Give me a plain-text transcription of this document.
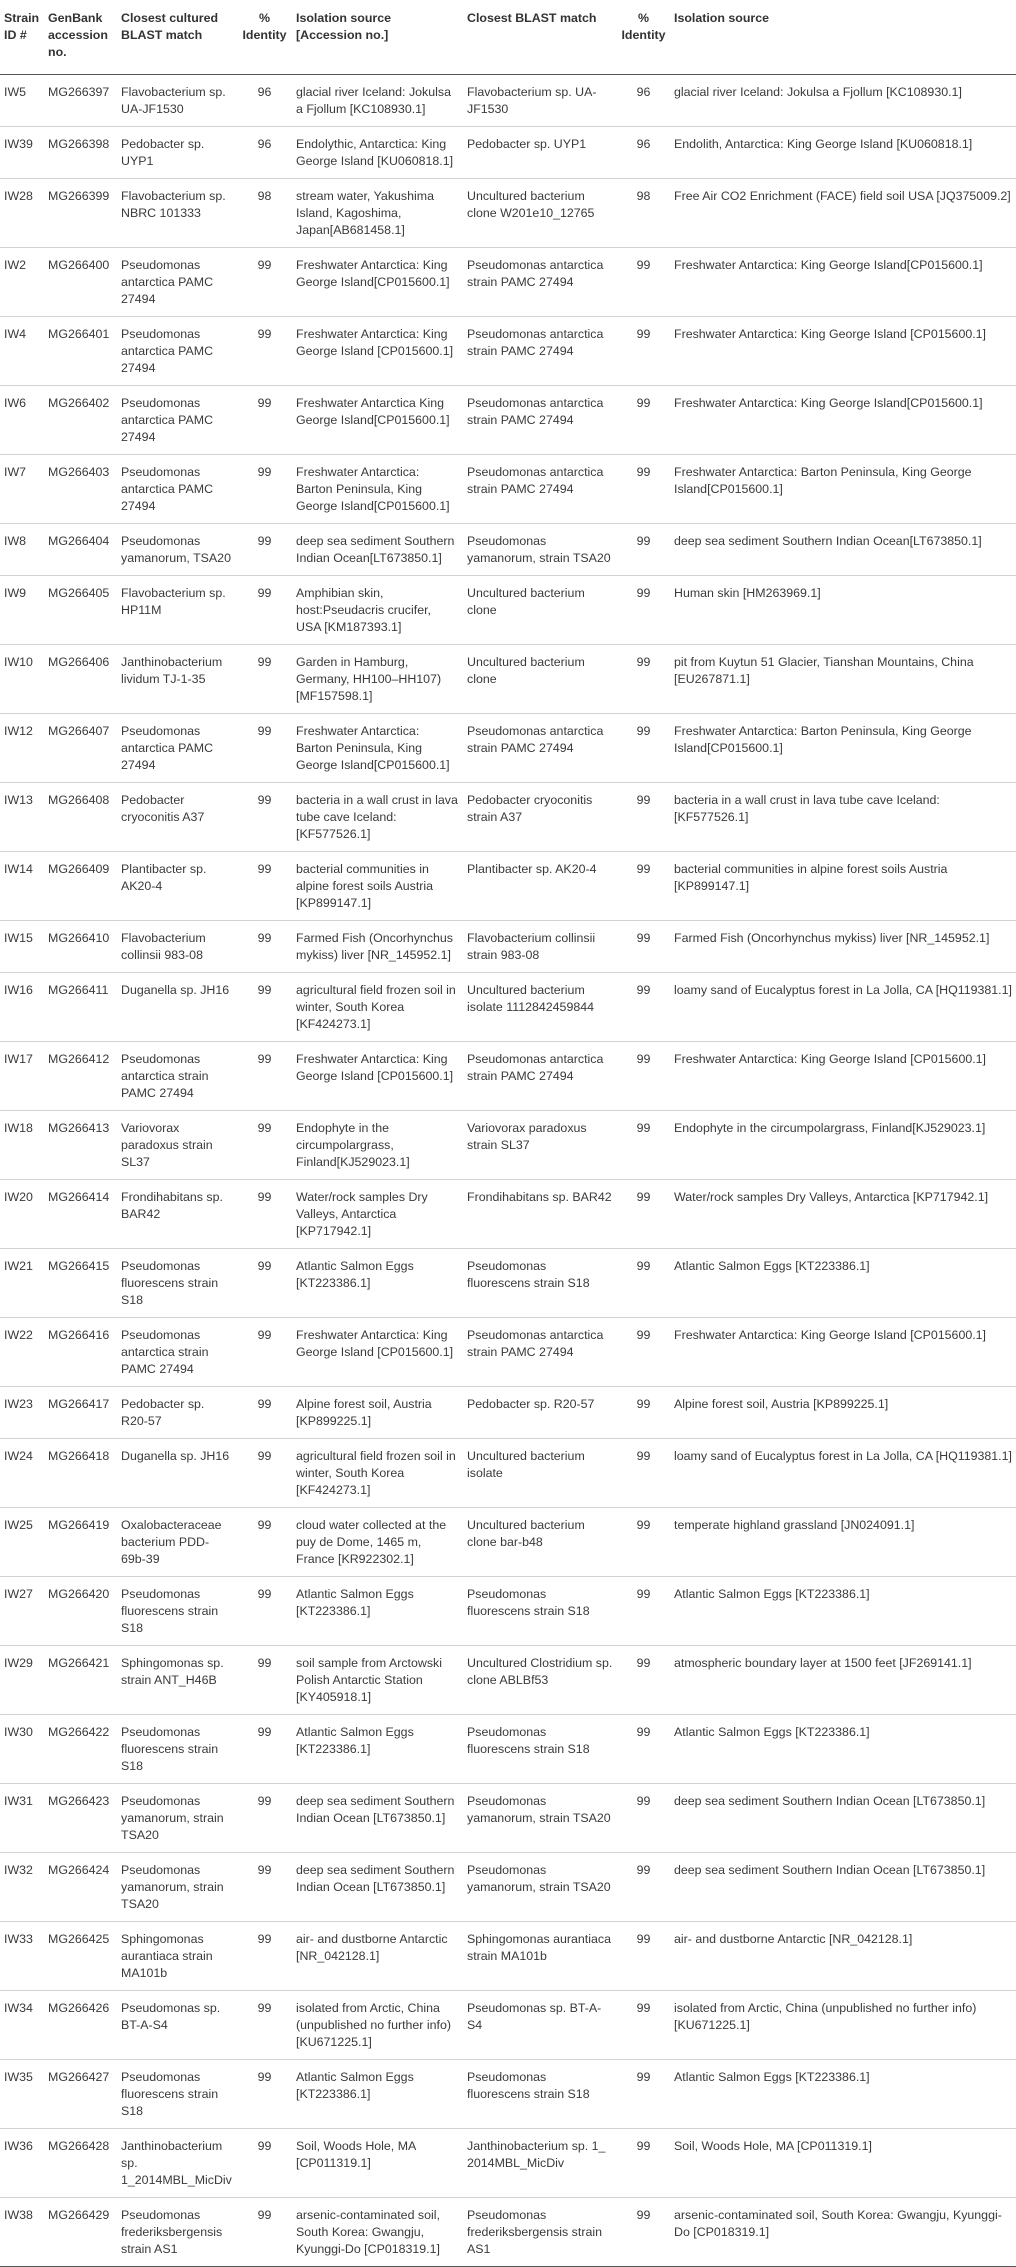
Strain ID #	GenBank accession no.	Closest cultured BLAST match	% Identity	Isolation source [Accession no.]	Closest BLAST match	% Identity	Isolation source
IW5	MG266397	Flavobacterium sp. UA-JF1530	96	glacial river Iceland: Jokulsa a Fjollum [KC108930.1]	Flavobacterium sp. UA-JF1530	96	glacial river Iceland: Jokulsa a Fjollum [KC108930.1]
IW39	MG266398	Pedobacter sp. UYP1	96	Endolythic, Antarctica: King George Island [KU060818.1]	Pedobacter sp. UYP1	96	Endolith, Antarctica: King George Island [KU060818.1]
IW28	MG266399	Flavobacterium sp. NBRC 101333	98	stream water, Yakushima Island, Kagoshima, Japan[AB681458.1]	Uncultured bacterium clone W201e10_12765	98	Free Air CO2 Enrichment (FACE) field soil USA [JQ375009.2]
IW2	MG266400	Pseudomonas antarctica PAMC 27494	99	Freshwater Antarctica: King George Island[CP015600.1]	Pseudomonas antarctica strain PAMC 27494	99	Freshwater Antarctica: King George Island[CP015600.1]
IW4	MG266401	Pseudomonas antarctica PAMC 27494	99	Freshwater Antarctica: King George Island [CP015600.1]	Pseudomonas antarctica strain PAMC 27494	99	Freshwater Antarctica: King George Island [CP015600.1]
IW6	MG266402	Pseudomonas antarctica PAMC 27494	99	Freshwater Antarctica King George Island[CP015600.1]	Pseudomonas antarctica strain PAMC 27494	99	Freshwater Antarctica: King George Island[CP015600.1]
IW7	MG266403	Pseudomonas antarctica PAMC 27494	99	Freshwater Antarctica: Barton Peninsula, King George Island[CP015600.1]	Pseudomonas antarctica strain PAMC 27494	99	Freshwater Antarctica: Barton Peninsula, King George Island[CP015600.1]
IW8	MG266404	Pseudomonas yamanorum, TSA20	99	deep sea sediment Southern Indian Ocean[LT673850.1]	Pseudomonas yamanorum, strain TSA20	99	deep sea sediment Southern Indian Ocean[LT673850.1]
IW9	MG266405	Flavobacterium sp. HP11M	99	Amphibian skin, host:Pseudacris crucifer, USA [KM187393.1]	Uncultured bacterium clone	99	Human skin [HM263969.1]
IW10	MG266406	Janthinobacterium lividum TJ-1-35	99	Garden in Hamburg, Germany, HH100–HH107) [MF157598.1]	Uncultured bacterium clone	99	pit from Kuytun 51 Glacier, Tianshan Mountains, China [EU267871.1]
IW12	MG266407	Pseudomonas antarctica PAMC 27494	99	Freshwater Antarctica: Barton Peninsula, King George Island[CP015600.1]	Pseudomonas antarctica strain PAMC 27494	99	Freshwater Antarctica: Barton Peninsula, King George Island[CP015600.1]
IW13	MG266408	Pedobacter cryoconitis A37	99	bacteria in a wall crust in lava tube cave Iceland: [KF577526.1]	Pedobacter cryoconitis strain A37	99	bacteria in a wall crust in lava tube cave Iceland: [KF577526.1]
IW14	MG266409	Plantibacter sp. AK20-4	99	bacterial communities in alpine forest soils Austria [KP899147.1]	Plantibacter sp. AK20-4	99	bacterial communities in alpine forest soils Austria [KP899147.1]
IW15	MG266410	Flavobacterium collinsii 983-08	99	Farmed Fish (Oncorhynchus mykiss) liver [NR_145952.1]	Flavobacterium collinsii strain 983-08	99	Farmed Fish (Oncorhynchus mykiss) liver [NR_145952.1]
IW16	MG266411	Duganella sp. JH16	99	agricultural field frozen soil in winter, South Korea [KF424273.1]	Uncultured bacterium isolate 1112842459844	99	loamy sand of Eucalyptus forest in La Jolla, CA [HQ119381.1]
IW17	MG266412	Pseudomonas antarctica strain PAMC 27494	99	Freshwater Antarctica: King George Island [CP015600.1]	Pseudomonas antarctica strain PAMC 27494	99	Freshwater Antarctica: King George Island [CP015600.1]
IW18	MG266413	Variovorax paradoxus strain SL37	99	Endophyte in the circumpolargrass, Finland[KJ529023.1]	Variovorax paradoxus strain SL37	99	Endophyte in the circumpolargrass, Finland[KJ529023.1]
IW20	MG266414	Frondihabitans sp. BAR42	99	Water/rock samples Dry Valleys, Antarctica [KP717942.1]	Frondihabitans sp. BAR42	99	Water/rock samples Dry Valleys, Antarctica [KP717942.1]
IW21	MG266415	Pseudomonas fluorescens strain S18	99	Atlantic Salmon Eggs [KT223386.1]	Pseudomonas fluorescens strain S18	99	Atlantic Salmon Eggs [KT223386.1]
IW22	MG266416	Pseudomonas antarctica strain PAMC 27494	99	Freshwater Antarctica: King George Island [CP015600.1]	Pseudomonas antarctica strain PAMC 27494	99	Freshwater Antarctica: King George Island [CP015600.1]
IW23	MG266417	Pedobacter sp. R20-57	99	Alpine forest soil, Austria [KP899225.1]	Pedobacter sp. R20-57	99	Alpine forest soil, Austria [KP899225.1]
IW24	MG266418	Duganella sp. JH16	99	agricultural field frozen soil in winter, South Korea [KF424273.1]	Uncultured bacterium isolate	99	loamy sand of Eucalyptus forest in La Jolla, CA [HQ119381.1]
IW25	MG266419	Oxalobacteraceae bacterium PDD-69b-39	99	cloud water collected at the puy de Dome, 1465 m, France [KR922302.1]	Uncultured bacterium clone bar-b48	99	temperate highland grassland [JN024091.1]
IW27	MG266420	Pseudomonas fluorescens strain S18	99	Atlantic Salmon Eggs [KT223386.1]	Pseudomonas fluorescens strain S18	99	Atlantic Salmon Eggs [KT223386.1]
IW29	MG266421	Sphingomonas sp. strain ANT_H46B	99	soil sample from Arctowski Polish Antarctic Station [KY405918.1]	Uncultured Clostridium sp. clone ABLBf53	99	atmospheric boundary layer at 1500 feet [JF269141.1]
IW30	MG266422	Pseudomonas fluorescens strain S18	99	Atlantic Salmon Eggs [KT223386.1]	Pseudomonas fluorescens strain S18	99	Atlantic Salmon Eggs [KT223386.1]
IW31	MG266423	Pseudomonas yamanorum, strain TSA20	99	deep sea sediment Southern Indian Ocean [LT673850.1]	Pseudomonas yamanorum, strain TSA20	99	deep sea sediment Southern Indian Ocean [LT673850.1]
IW32	MG266424	Pseudomonas yamanorum, strain TSA20	99	deep sea sediment Southern Indian Ocean [LT673850.1]	Pseudomonas yamanorum, strain TSA20	99	deep sea sediment Southern Indian Ocean [LT673850.1]
IW33	MG266425	Sphingomonas aurantiaca strain MA101b	99	air- and dustborne Antarctic [NR_042128.1]	Sphingomonas aurantiaca strain MA101b	99	air- and dustborne Antarctic [NR_042128.1]
IW34	MG266426	Pseudomonas sp. BT-A-S4	99	isolated from Arctic, China (unpublished no further info) [KU671225.1]	Pseudomonas sp. BT-A-S4	99	isolated from Arctic, China (unpublished no further info) [KU671225.1]
IW35	MG266427	Pseudomonas fluorescens strain S18	99	Atlantic Salmon Eggs [KT223386.1]	Pseudomonas fluorescens strain S18	99	Atlantic Salmon Eggs [KT223386.1]
IW36	MG266428	Janthinobacterium sp. 1_2014MBL_MicDiv	99	Soil, Woods Hole, MA [CP011319.1]	Janthinobacterium sp. 1_ 2014MBL_MicDiv	99	Soil, Woods Hole, MA [CP011319.1]
IW38	MG266429	Pseudomonas frederiksbergensis strain AS1	99	arsenic-contaminated soil, South Korea: Gwangju, Kyunggi-Do [CP018319.1]	Pseudomonas frederiksbergensis strain AS1	99	arsenic-contaminated soil, South Korea: Gwangju, Kyunggi-Do [CP018319.1]
